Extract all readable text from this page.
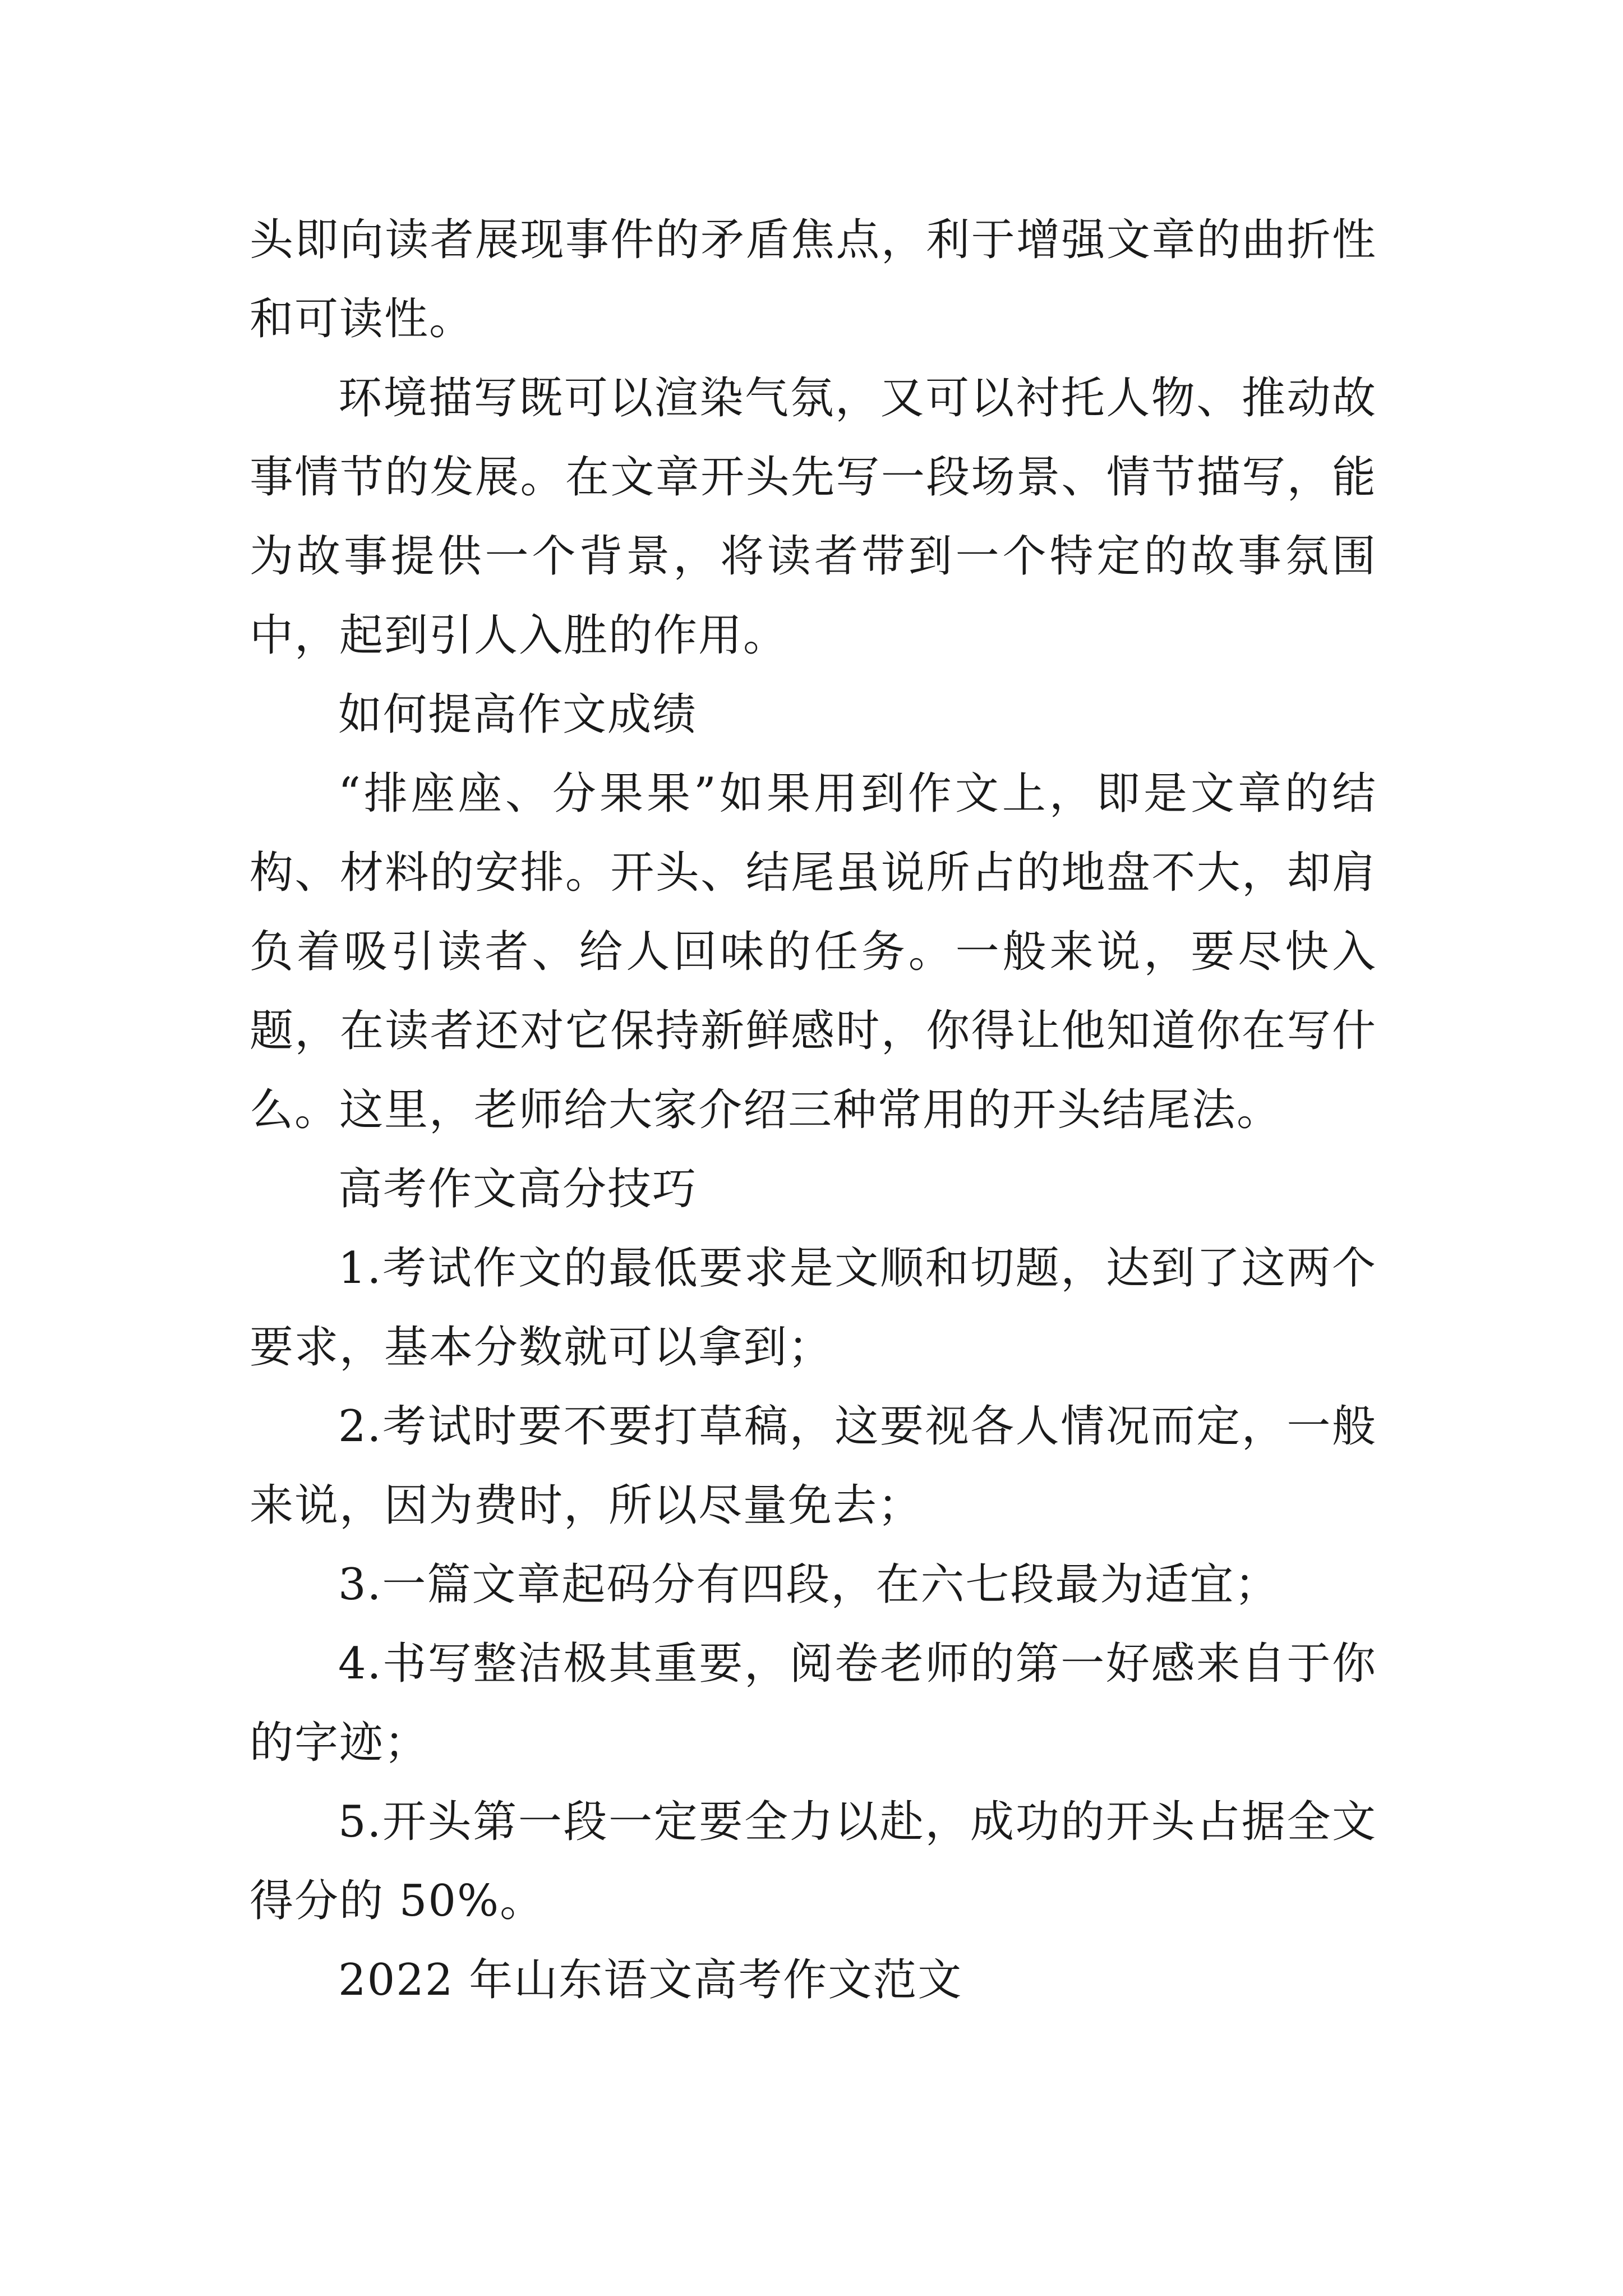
头即向读者展现事件的矛盾焦点，利于增强文章的曲折性和可读性。

环境描写既可以渲染气氛，又可以衬托人物、推动故事情节的发展。在文章开头先写一段场景、情节描写，能为故事提供一个背景，将读者带到一个特定的故事氛围中，起到引人入胜的作用。

如何提高作文成绩

“排座座、分果果”如果用到作文上，即是文章的结构、材料的安排。开头、结尾虽说所占的地盘不大，却肩负着吸引读者、给人回味的任务。一般来说，要尽快入题，在读者还对它保持新鲜感时，你得让他知道你在写什么。这里，老师给大家介绍三种常用的开头结尾法。

高考作文高分技巧

1.考试作文的最低要求是文顺和切题，达到了这两个要求，基本分数就可以拿到；

2.考试时要不要打草稿，这要视各人情况而定，一般来说，因为费时，所以尽量免去；

3.一篇文章起码分有四段，在六七段最为适宜；

4.书写整洁极其重要，阅卷老师的第一好感来自于你的字迹；

5.开头第一段一定要全力以赴，成功的开头占据全文得分的 50%。

2022 年山东语文高考作文范文
